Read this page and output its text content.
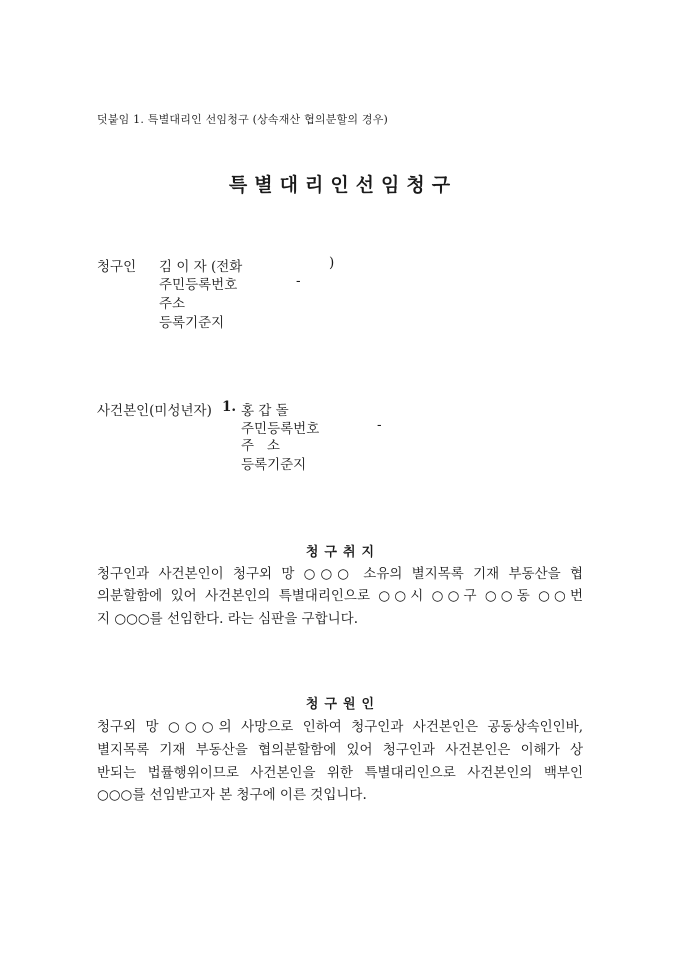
덧붙임 1. 특별대리인 선임청구 (상속재산 협의분할의 경우)
특별대리인선임청구
청구인 김 이 자 (전화	)
주민등록번호	-
주소
등록기준지
사건본인(미성년자) 1. 홍 갑 돌
주민등록번호	-
주   소
등록기준지
청구취지
청구인과 사건본인이 청구외 망 ○○○ 소유의 별지목록 기재 부동산을 협
의분할함에 있어 사건본인의 특별대리인으로 ○○시 ○○구 ○○동 ○○번
지 ○○○를 선임한다. 라는 심판을 구합니다.
청구원인
청구외 망 ○○○의 사망으로 인하여 청구인과 사건본인은 공동상속인인바,
별지목록 기재 부동산을 협의분할함에 있어 청구인과 사건본인은 이해가 상
반되는 법률행위이므로 사건본인을 위한 특별대리인으로 사건본인의 백부인
○○○를 선임받고자 본 청구에 이른 것입니다.
